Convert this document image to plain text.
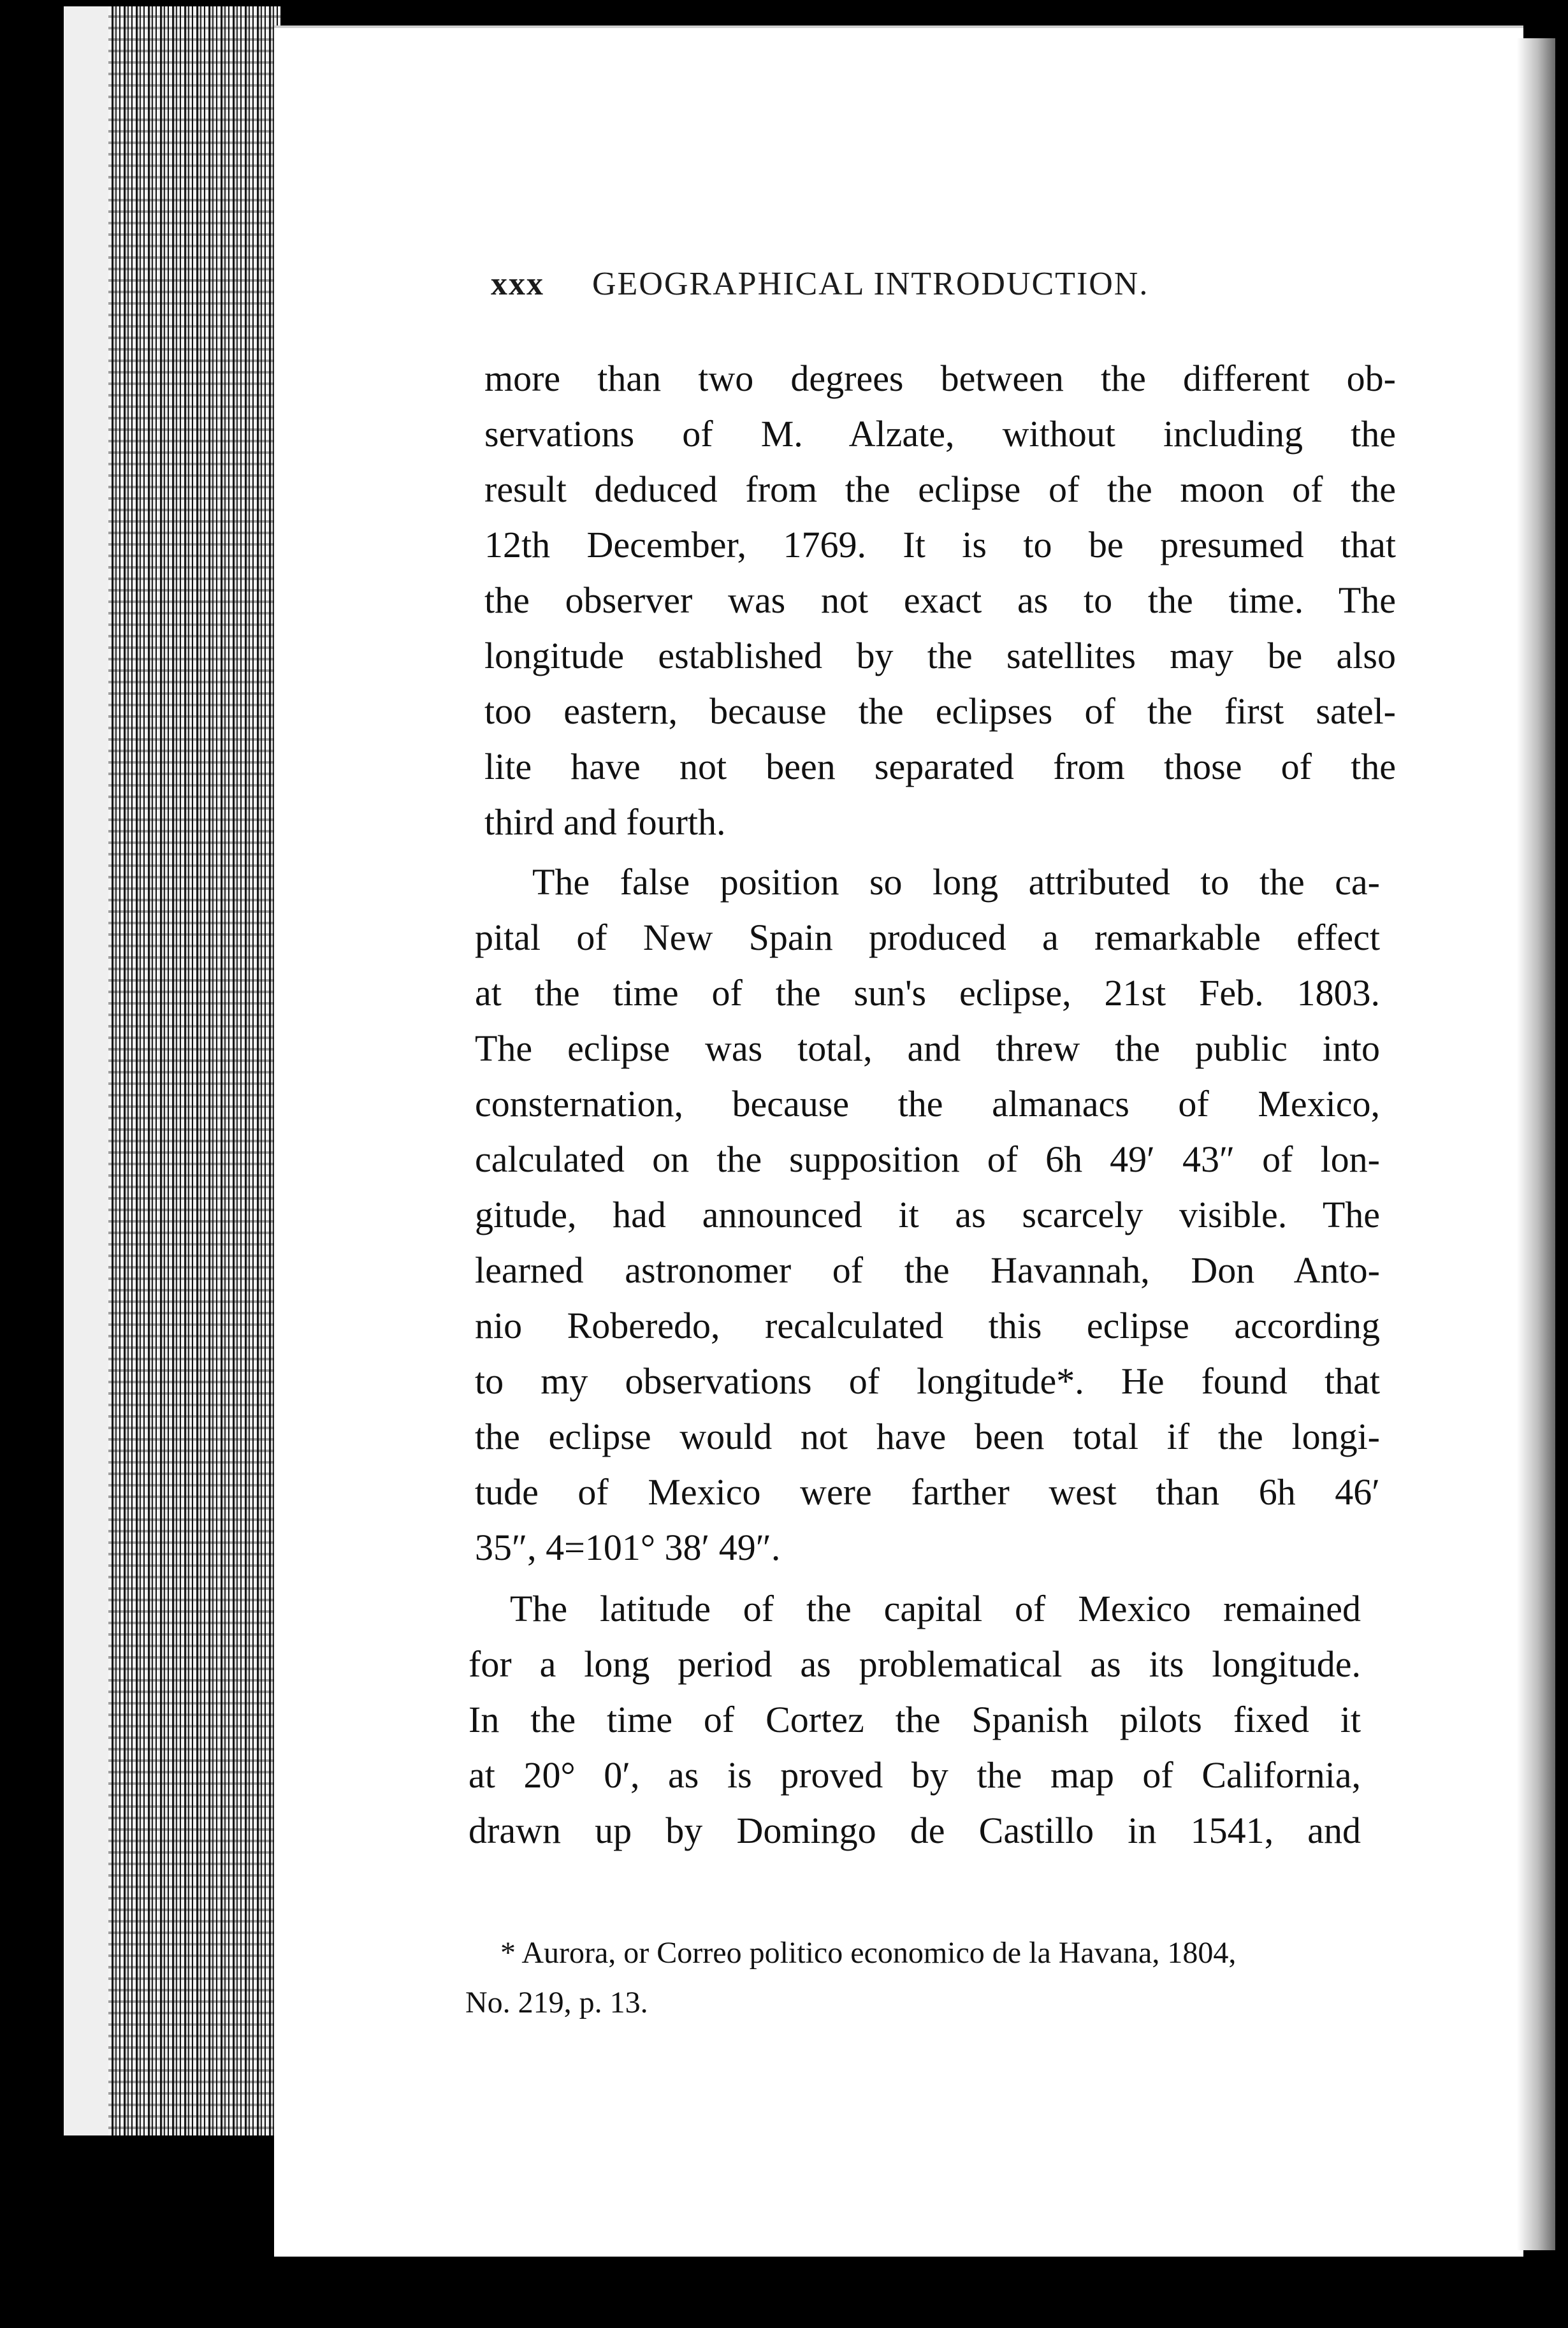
xxx GEOGRAPHICAL INTRODUCTION.
more than two degrees between the different ob-
servations of M. Alzate, without including the
result deduced from the eclipse of the moon of the
12th December, 1769. It is to be presumed that
the observer was not exact as to the time. The
longitude established by the satellites may be also
too eastern, because the eclipses of the first satel-
lite have not been separated from those of the
third and fourth.
The false position so long attributed to the ca-
pital of New Spain produced a remarkable effect
at the time of the sun's eclipse, 21st Feb. 1803.
The eclipse was total, and threw the public into
consternation, because the almanacs of Mexico,
calculated on the supposition of 6h 49′ 43″ of lon-
gitude, had announced it as scarcely visible. The
learned astronomer of the Havannah, Don Anto-
nio Roberedo, recalculated this eclipse according
to my observations of longitude*. He found that
the eclipse would not have been total if the longi-
tude of Mexico were farther west than 6h 46′
35″, 4=101° 38′ 49″.
The latitude of the capital of Mexico remained
for a long period as problematical as its longitude.
In the time of Cortez the Spanish pilots fixed it
at 20° 0′, as is proved by the map of California,
drawn up by Domingo de Castillo in 1541, and
* Aurora, or Correo politico economico de la Havana, 1804,
No. 219, p. 13.
